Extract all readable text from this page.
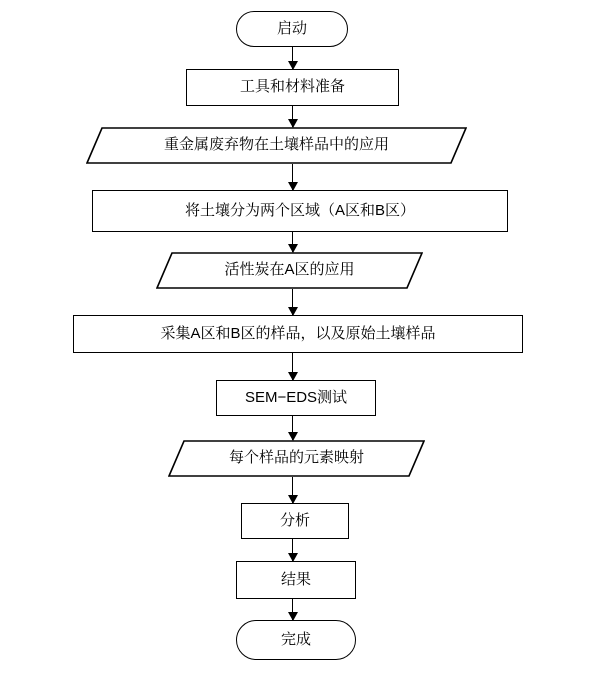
启动
工具和材料准备
重金属废弃物在土壤样品中的应用
将土壤分为两个区域（A区和B区）
活性炭在A区的应用
采集A区和B区的样品，以及原始土壤样品
SEM−EDS测试
每个样品的元素映射
分析
结果
完成
